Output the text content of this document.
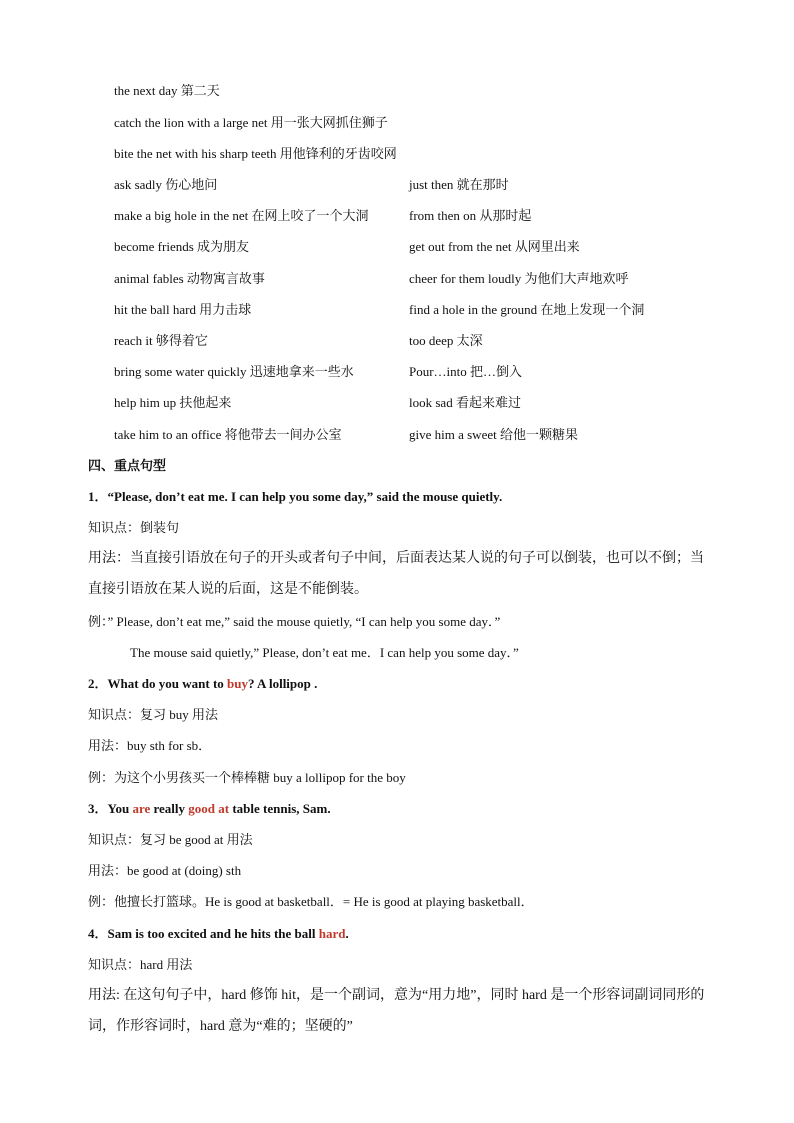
the next day 第二天
catch the lion with a large net 用一张大网抓住狮子
bite the net with his sharp teeth 用他锋利的牙齿咬网
ask sadly 伤心地问	just then 就在那时
make a big hole in the net 在网上咬了一个大洞	from then on 从那时起
become friends 成为朋友	get out from the net 从网里出来
animal fables 动物寓言故事	cheer for them loudly 为他们大声地欢呼
hit the ball hard 用力击球	find a hole in the ground 在地上发现一个洞
reach it 够得着它	too deep 太深
bring some water quickly 迅速地拿来一些水	Pour…into 把…倒入
help him up 扶他起来	look sad 看起来难过
take him to an office 将他带去一间办公室	give him a sweet 给他一颗糖果
四、重点句型
1．“Please, don’t eat me. I can help you some day,” said the mouse quietly.
知识点：倒装句
用法：当直接引语放在句子的开头或者句子中间，后面表达某人说的句子可以倒装，也可以不倒；当
直接引语放在某人说的后面，这是不能倒装。
例：” Please, don’t eat me,” said the mouse quietly, “I can help you some day．”
The mouse said quietly,” Please, don’t eat me．I can help you some day．”
2．What do you want to buy? A lollipop .
知识点：复习 buy 用法
用法：buy sth for sb．
例：为这个小男孩买一个棒棒糖 buy a lollipop for the boy
3．You are really good at table tennis, Sam.
知识点：复习 be good at 用法
用法：be good at (doing) sth
例：他擅长打篮球。He is good at basketball．= He is good at playing basketball．
4．Sam is too excited and he hits the ball hard.
知识点：hard 用法
用法: 在这句句子中，hard 修饰 hit，是一个副词，意为“用力地”，同时 hard 是一个形容词副词同形的
词，作形容词时，hard 意为“难的；坚硬的”
